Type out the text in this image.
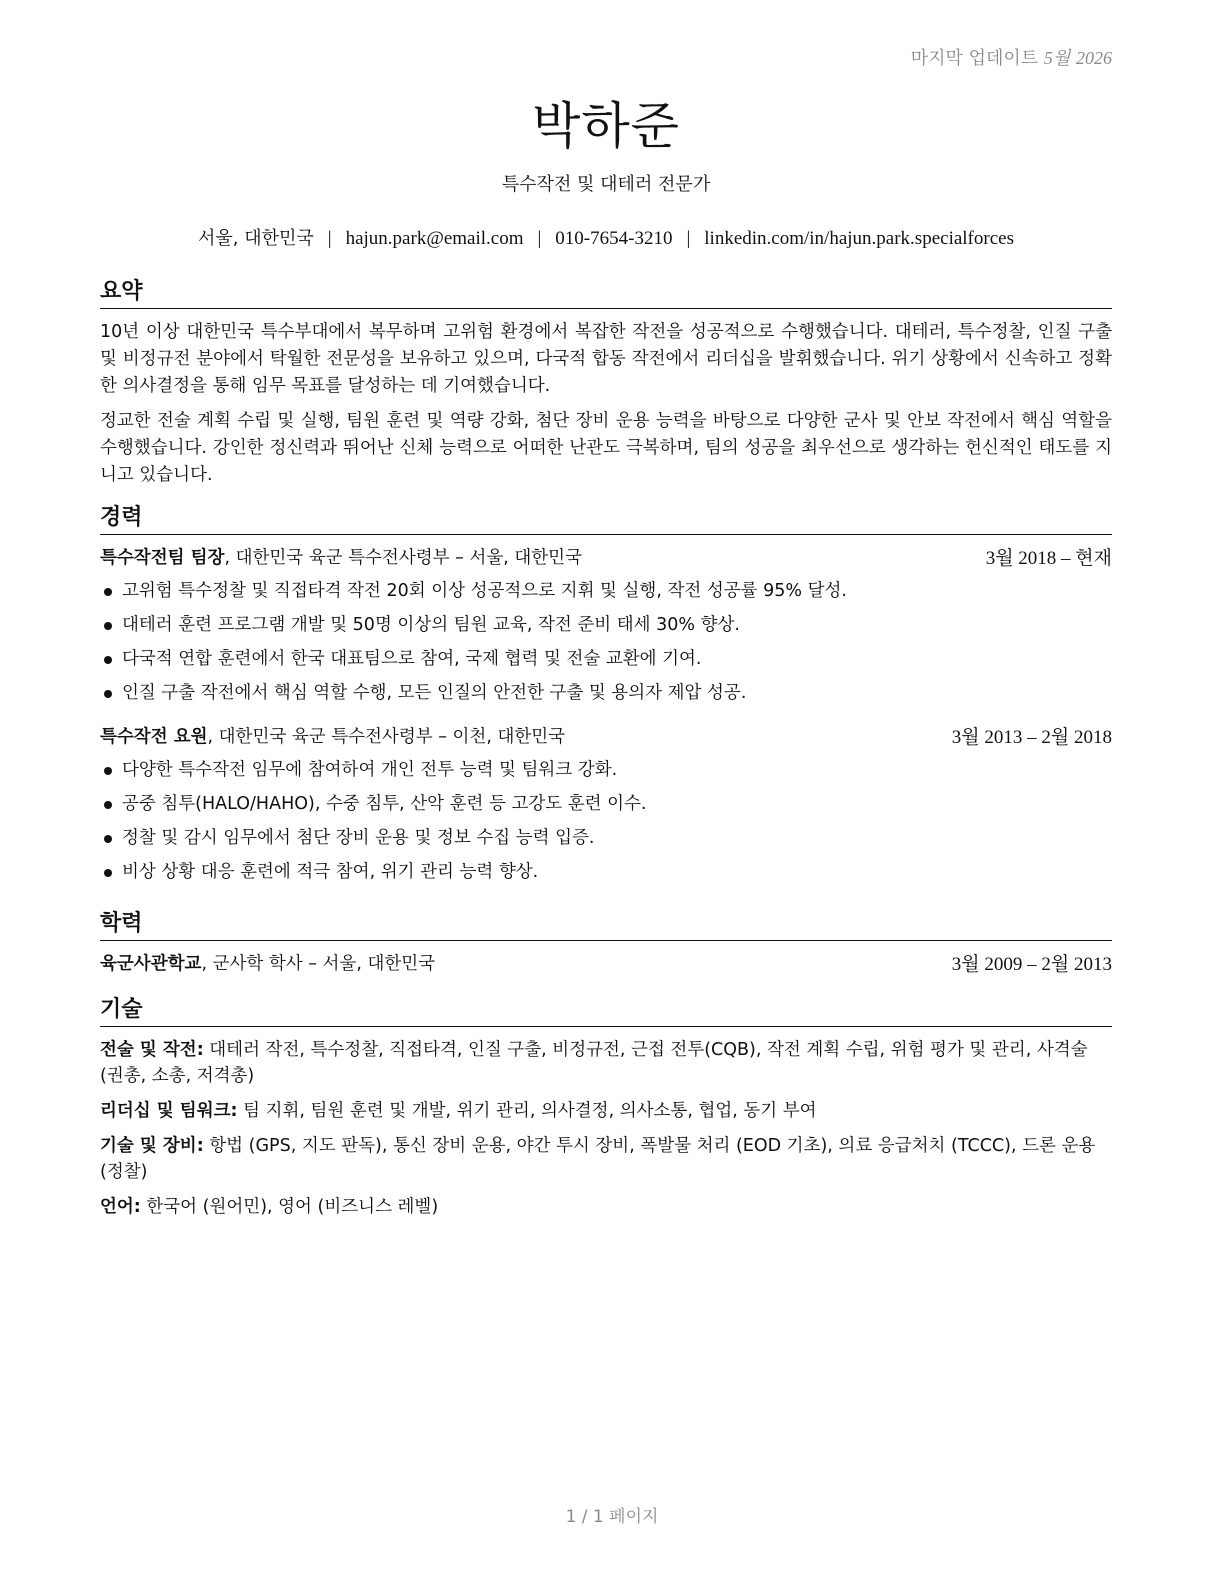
마지막 업데이트 5월 2026
박하준
특수작전 및 대테러 전문가
서울, 대한민국 | hajun.park@email.com | 010-7654-3210 | linkedin.com/in/hajun.park.specialforces
요약

10년 이상 대한민국 특수부대에서 복무하며 고위험 환경에서 복잡한 작전을 성공적으로 수행했습니다. 대테러, 특수정찰, 인질 구출 및 비정규전 분야에서 탁월한 전문성을 보유하고 있으며, 다국적 합동 작전에서 리더십을 발휘했습니다. 위기 상황에서 신속하고 정확한 의사결정을 통해 임무 목표를 달성하는 데 기여했습니다.

정교한 전술 계획 수립 및 실행, 팀원 훈련 및 역량 강화, 첨단 장비 운용 능력을 바탕으로 다양한 군사 및 안보 작전에서 핵심 역할을 수행했습니다. 강인한 정신력과 뛰어난 신체 능력으로 어떠한 난관도 극복하며, 팀의 성공을 최우선으로 생각하는 헌신적인 태도를 지니고 있습니다.

경력
특수작전팀 팀장, 대한민국 육군 특수전사령부 – 서울, 대한민국	3월 2018 – 현재
고위험 특수정찰 및 직접타격 작전 20회 이상 성공적으로 지휘 및 실행, 작전 성공률 95% 달성.
대테러 훈련 프로그램 개발 및 50명 이상의 팀원 교육, 작전 준비 태세 30% 향상.
다국적 연합 훈련에서 한국 대표팀으로 참여, 국제 협력 및 전술 교환에 기여.
인질 구출 작전에서 핵심 역할 수행, 모든 인질의 안전한 구출 및 용의자 제압 성공.
특수작전 요원, 대한민국 육군 특수전사령부 – 이천, 대한민국	3월 2013 – 2월 2018
다양한 특수작전 임무에 참여하여 개인 전투 능력 및 팀워크 강화.
공중 침투(HALO/HAHO), 수중 침투, 산악 훈련 등 고강도 훈련 이수.
정찰 및 감시 임무에서 첨단 장비 운용 및 정보 수집 능력 입증.
비상 상황 대응 훈련에 적극 참여, 위기 관리 능력 향상.
학력
육군사관학교, 군사학 학사 – 서울, 대한민국	3월 2009 – 2월 2013
기술
전술 및 작전: 대테러 작전, 특수정찰, 직접타격, 인질 구출, 비정규전, 근접 전투(CQB), 작전 계획 수립, 위험 평가 및 관리, 사격술 (권총, 소총, 저격총)
리더십 및 팀워크: 팀 지휘, 팀원 훈련 및 개발, 위기 관리, 의사결정, 의사소통, 협업, 동기 부여
기술 및 장비: 항법 (GPS, 지도 판독), 통신 장비 운용, 야간 투시 장비, 폭발물 처리 (EOD 기초), 의료 응급처치 (TCCC), 드론 운용 (정찰)
언어: 한국어 (원어민), 영어 (비즈니스 레벨)
1 / 1 페이지
